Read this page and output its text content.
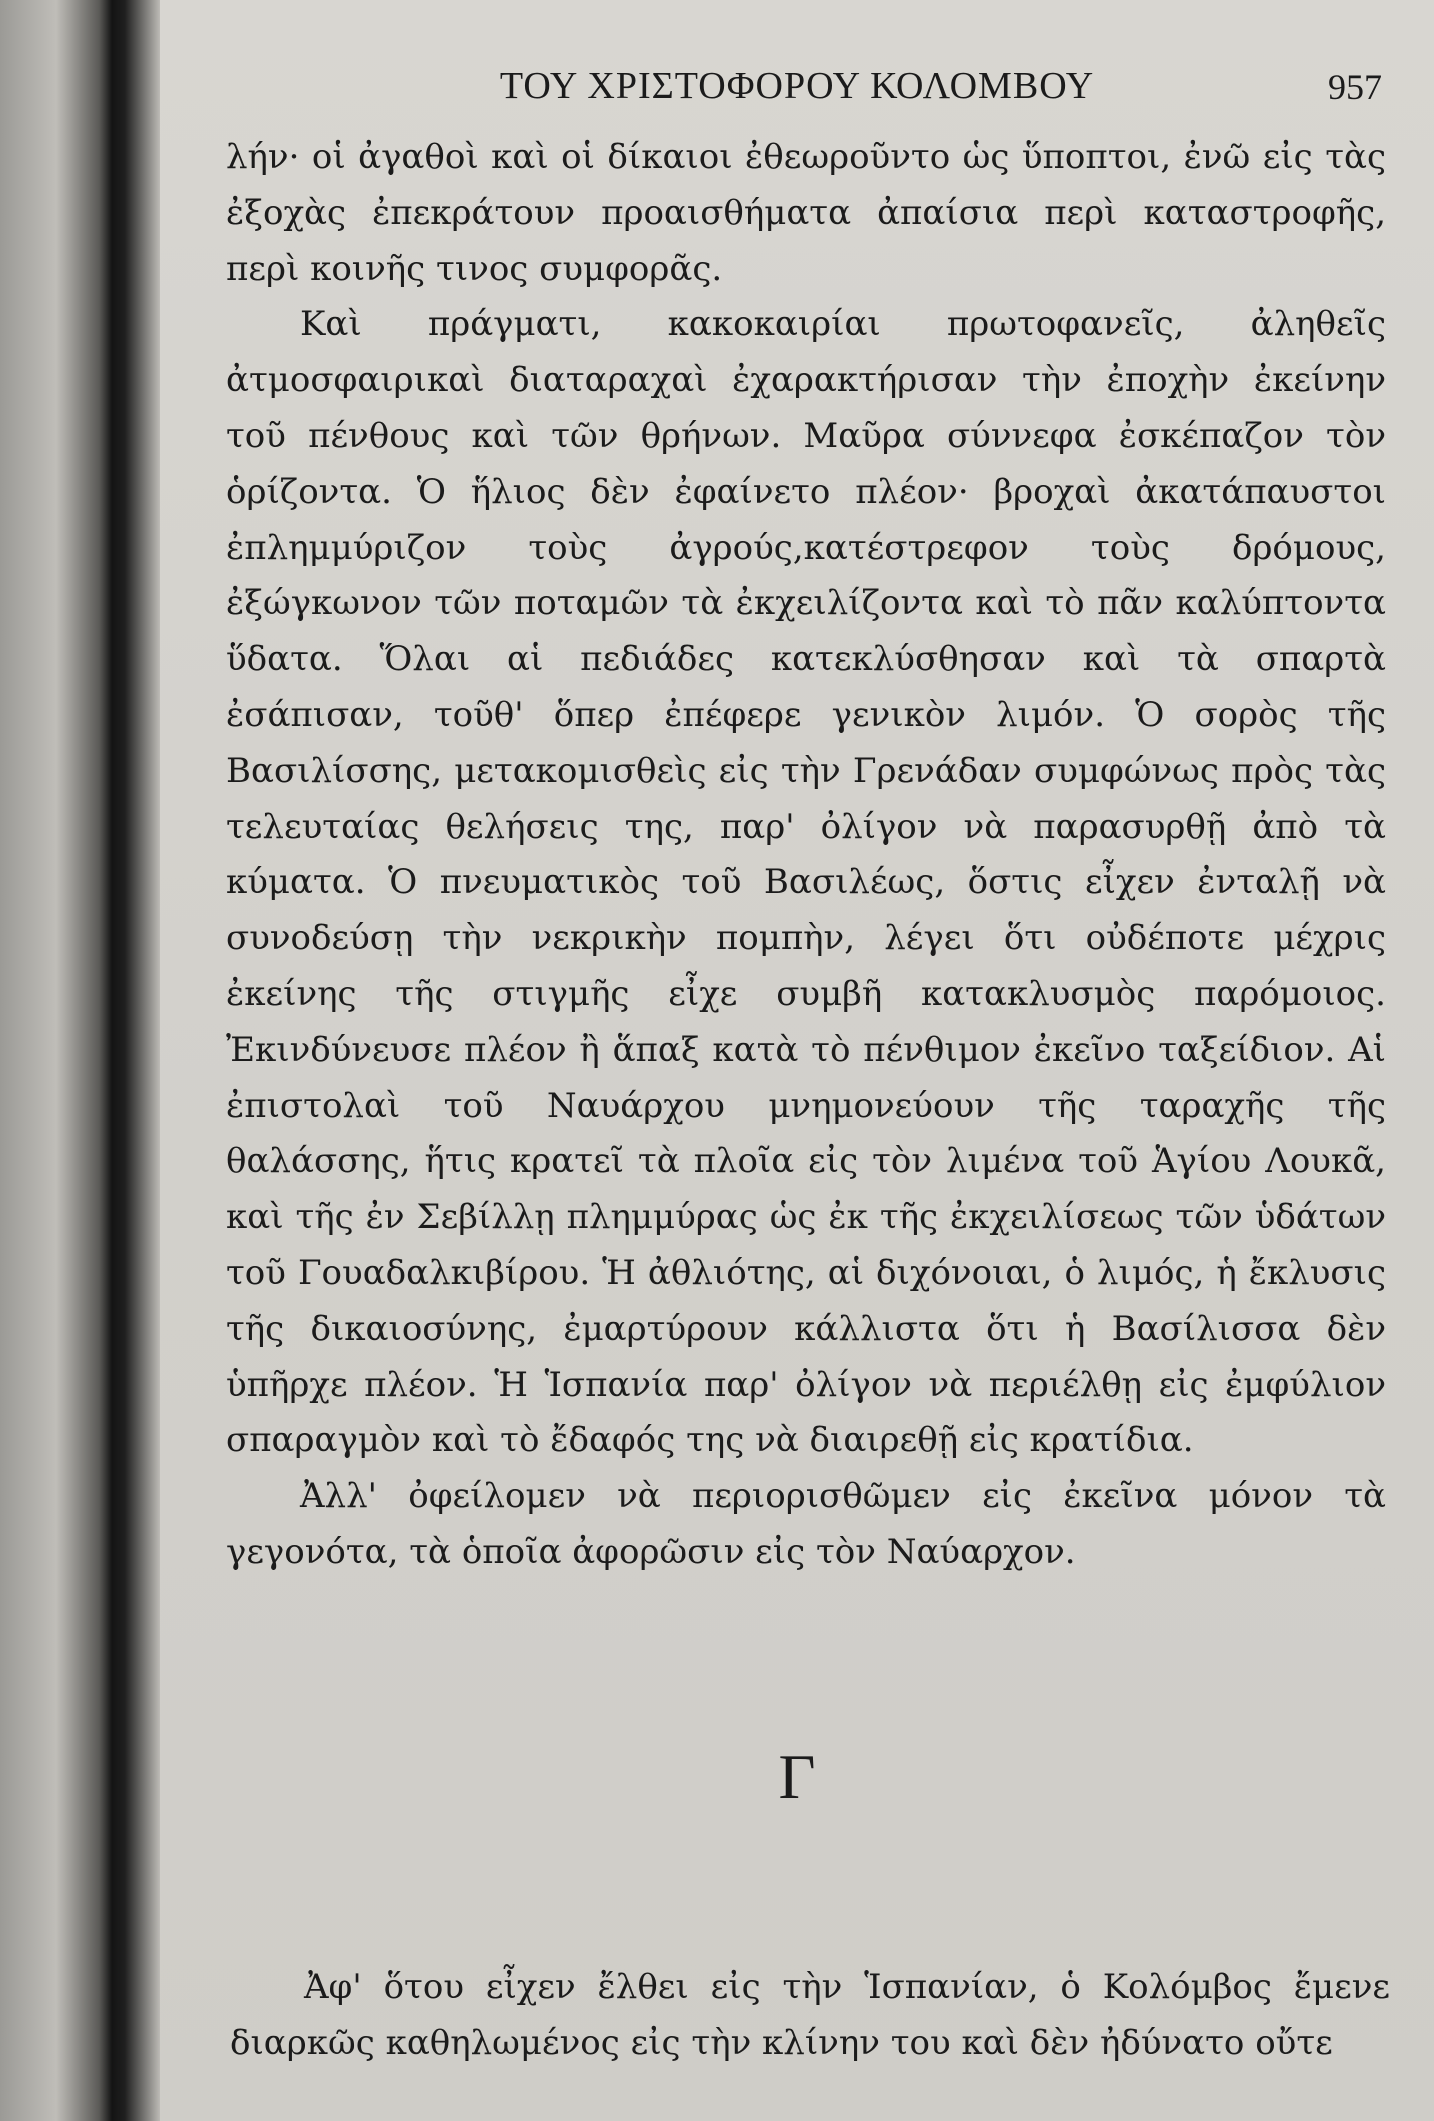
ΤΟΥ ΧΡΙΣΤΟΦΟΡΟΥ ΚΟΛΟΜΒΟΥ	957

λήν· οἱ ἀγαθοὶ καὶ οἱ δίκαιοι ἐθεωροῦντο ὡς ὕποπτοι, ἐνῶ εἰς τὰς ἐξοχὰς ἐπεκράτουν προαισθήματα ἀπαίσια περὶ καταστροφῆς, περὶ κοινῆς τινος συμφορᾶς.

Καὶ πράγματι, κακοκαιρίαι πρωτοφανεῖς, ἀληθεῖς ἀτμοσφαιρικαὶ διαταραχαὶ ἐχαρακτήρισαν τὴν ἐποχὴν ἐκείνην τοῦ πένθους καὶ τῶν θρήνων. Μαῦρα σύννεφα ἐσκέπαζον τὸν ὁρίζοντα. Ὁ ἥλιος δὲν ἐφαίνετο πλέον· βροχαὶ ἀκατάπαυστοι ἐπλημμύριζον τοὺς ἀγρούς,κατέστρεφον τοὺς δρόμους, ἐξώγκωνον τῶν ποταμῶν τὰ ἐκχειλίζοντα καὶ τὸ πᾶν καλύπτοντα ὕδατα. Ὅλαι αἱ πεδιάδες κατεκλύσθησαν καὶ τὰ σπαρτὰ ἐσάπισαν, τοῦθ' ὅπερ ἐπέφερε γενικὸν λιμόν. Ὁ σορὸς τῆς Βασιλίσσης, μετακομισθεὶς εἰς τὴν Γρενάδαν συμφώνως πρὸς τὰς τελευταίας θελήσεις της, παρ' ὀλίγον νὰ παρασυρθῇ ἀπὸ τὰ κύματα. Ὁ πνευματικὸς τοῦ Βασιλέως, ὅστις εἶχεν ἐνταλῇ νὰ συνοδεύσῃ τὴν νεκρικὴν πομπὴν, λέγει ὅτι οὐδέποτε μέχρις ἐκείνης τῆς στιγμῆς εἶχε συμβῆ κατακλυσμὸς παρόμοιος. Ἐκινδύνευσε πλέον ἢ ἅπαξ κατὰ τὸ πένθιμον ἐκεῖνο ταξείδιον. Αἱ ἐπιστολαὶ τοῦ Ναυάρχου μνημονεύουν τῆς ταραχῆς τῆς θαλάσσης, ἥτις κρατεῖ τὰ πλοῖα εἰς τὸν λιμένα τοῦ Ἁγίου Λουκᾶ, καὶ τῆς ἐν Σεβίλλῃ πλημμύρας ὡς ἐκ τῆς ἐκχειλίσεως τῶν ὑδάτων τοῦ Γουαδαλκιβίρου. Ἡ ἀθλιότης, αἱ διχόνοιαι, ὁ λιμός, ἡ ἔκλυσις τῆς δικαιοσύνης, ἐμαρτύρουν κάλλιστα ὅτι ἡ Βασίλισσα δὲν ὑπῆρχε πλέον. Ἡ Ἱσπανία παρ' ὀλίγον νὰ περιέλθῃ εἰς ἐμφύλιον σπαραγμὸν καὶ τὸ ἔδαφός της νὰ διαιρεθῇ εἰς κρατίδια.

Ἀλλ' ὀφείλομεν νὰ περιορισθῶμεν εἰς ἐκεῖνα μόνον τὰ γεγονότα, τὰ ὁποῖα ἀφορῶσιν εἰς τὸν Ναύαρχον.

Γ

Ἀφ' ὅτου εἶχεν ἔλθει εἰς τὴν Ἱσπανίαν, ὁ Κολόμβος ἔμενε διαρκῶς καθηλωμένος εἰς τὴν κλίνην του καὶ δὲν ἠδύνατο οὔτε
